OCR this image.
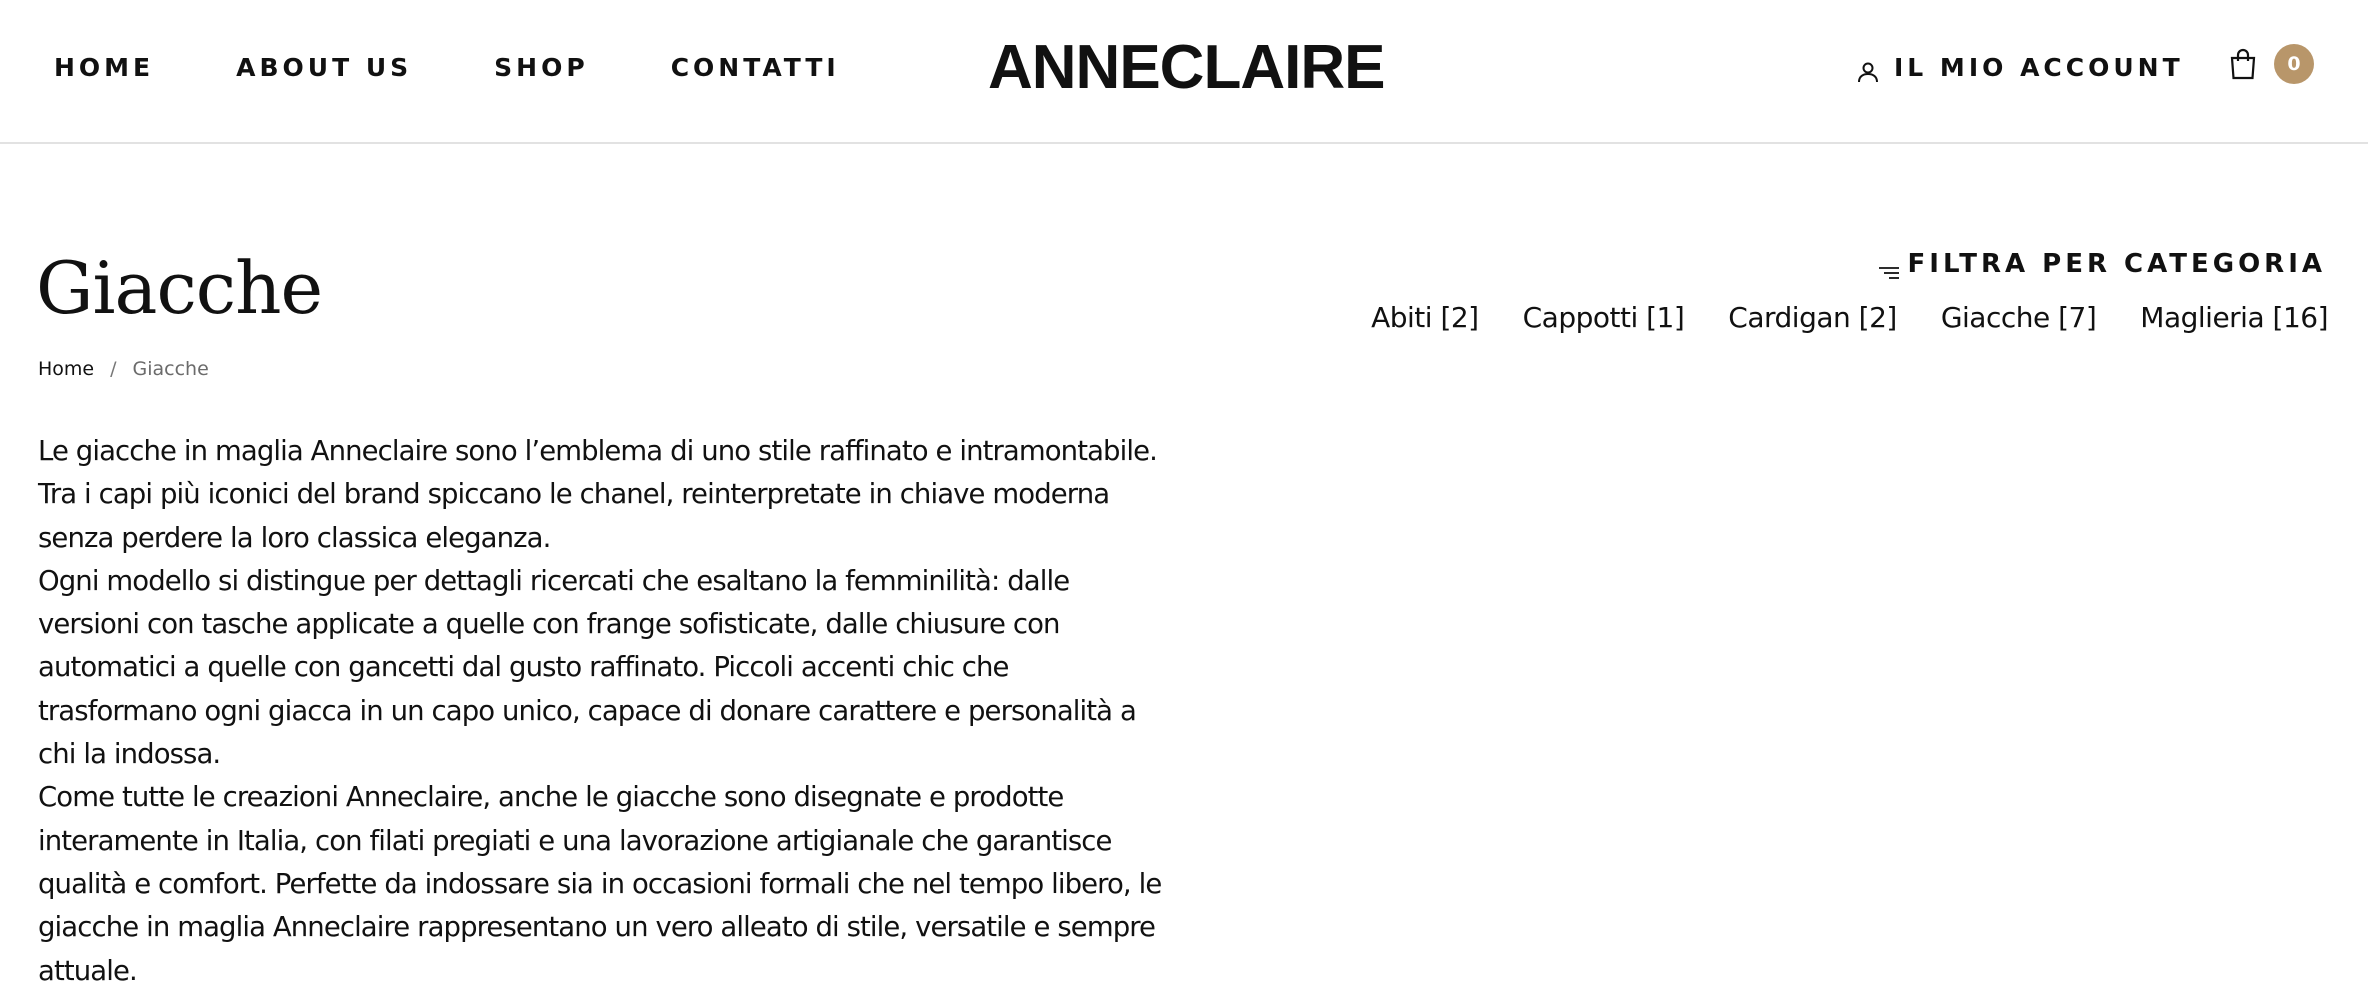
HOME	ABOUT US	SHOP	CONTATTI ANNECLAIRE	IL MIO ACCOUNT	0
Giacche
Home / Giacche
FILTRA PER CATEGORIA
Abiti [2] Cappotti [1] Cardigan [2] Giacche [7] Maglieria [16]

Le giacche in maglia Anneclaire sono l’emblema di uno stile raffinato e intramontabile. Tra i capi più iconici del brand spiccano le chanel, reinterpretate in chiave moderna senza perdere la loro classica eleganza.

Ogni modello si distingue per dettagli ricercati che esaltano la femminilità: dalle versioni con tasche applicate a quelle con frange sofisticate, dalle chiusure con automatici a quelle con gancetti dal gusto raffinato. Piccoli accenti chic che trasformano ogni giacca in un capo unico, capace di donare carattere e personalità a chi la indossa.

Come tutte le creazioni Anneclaire, anche le giacche sono disegnate e prodotte interamente in Italia, con filati pregiati e una lavorazione artigianale che garantisce qualità e comfort. Perfette da indossare sia in occasioni formali che nel tempo libero, le giacche in maglia Anneclaire rappresentano un vero alleato di stile, versatile e sempre attuale.
